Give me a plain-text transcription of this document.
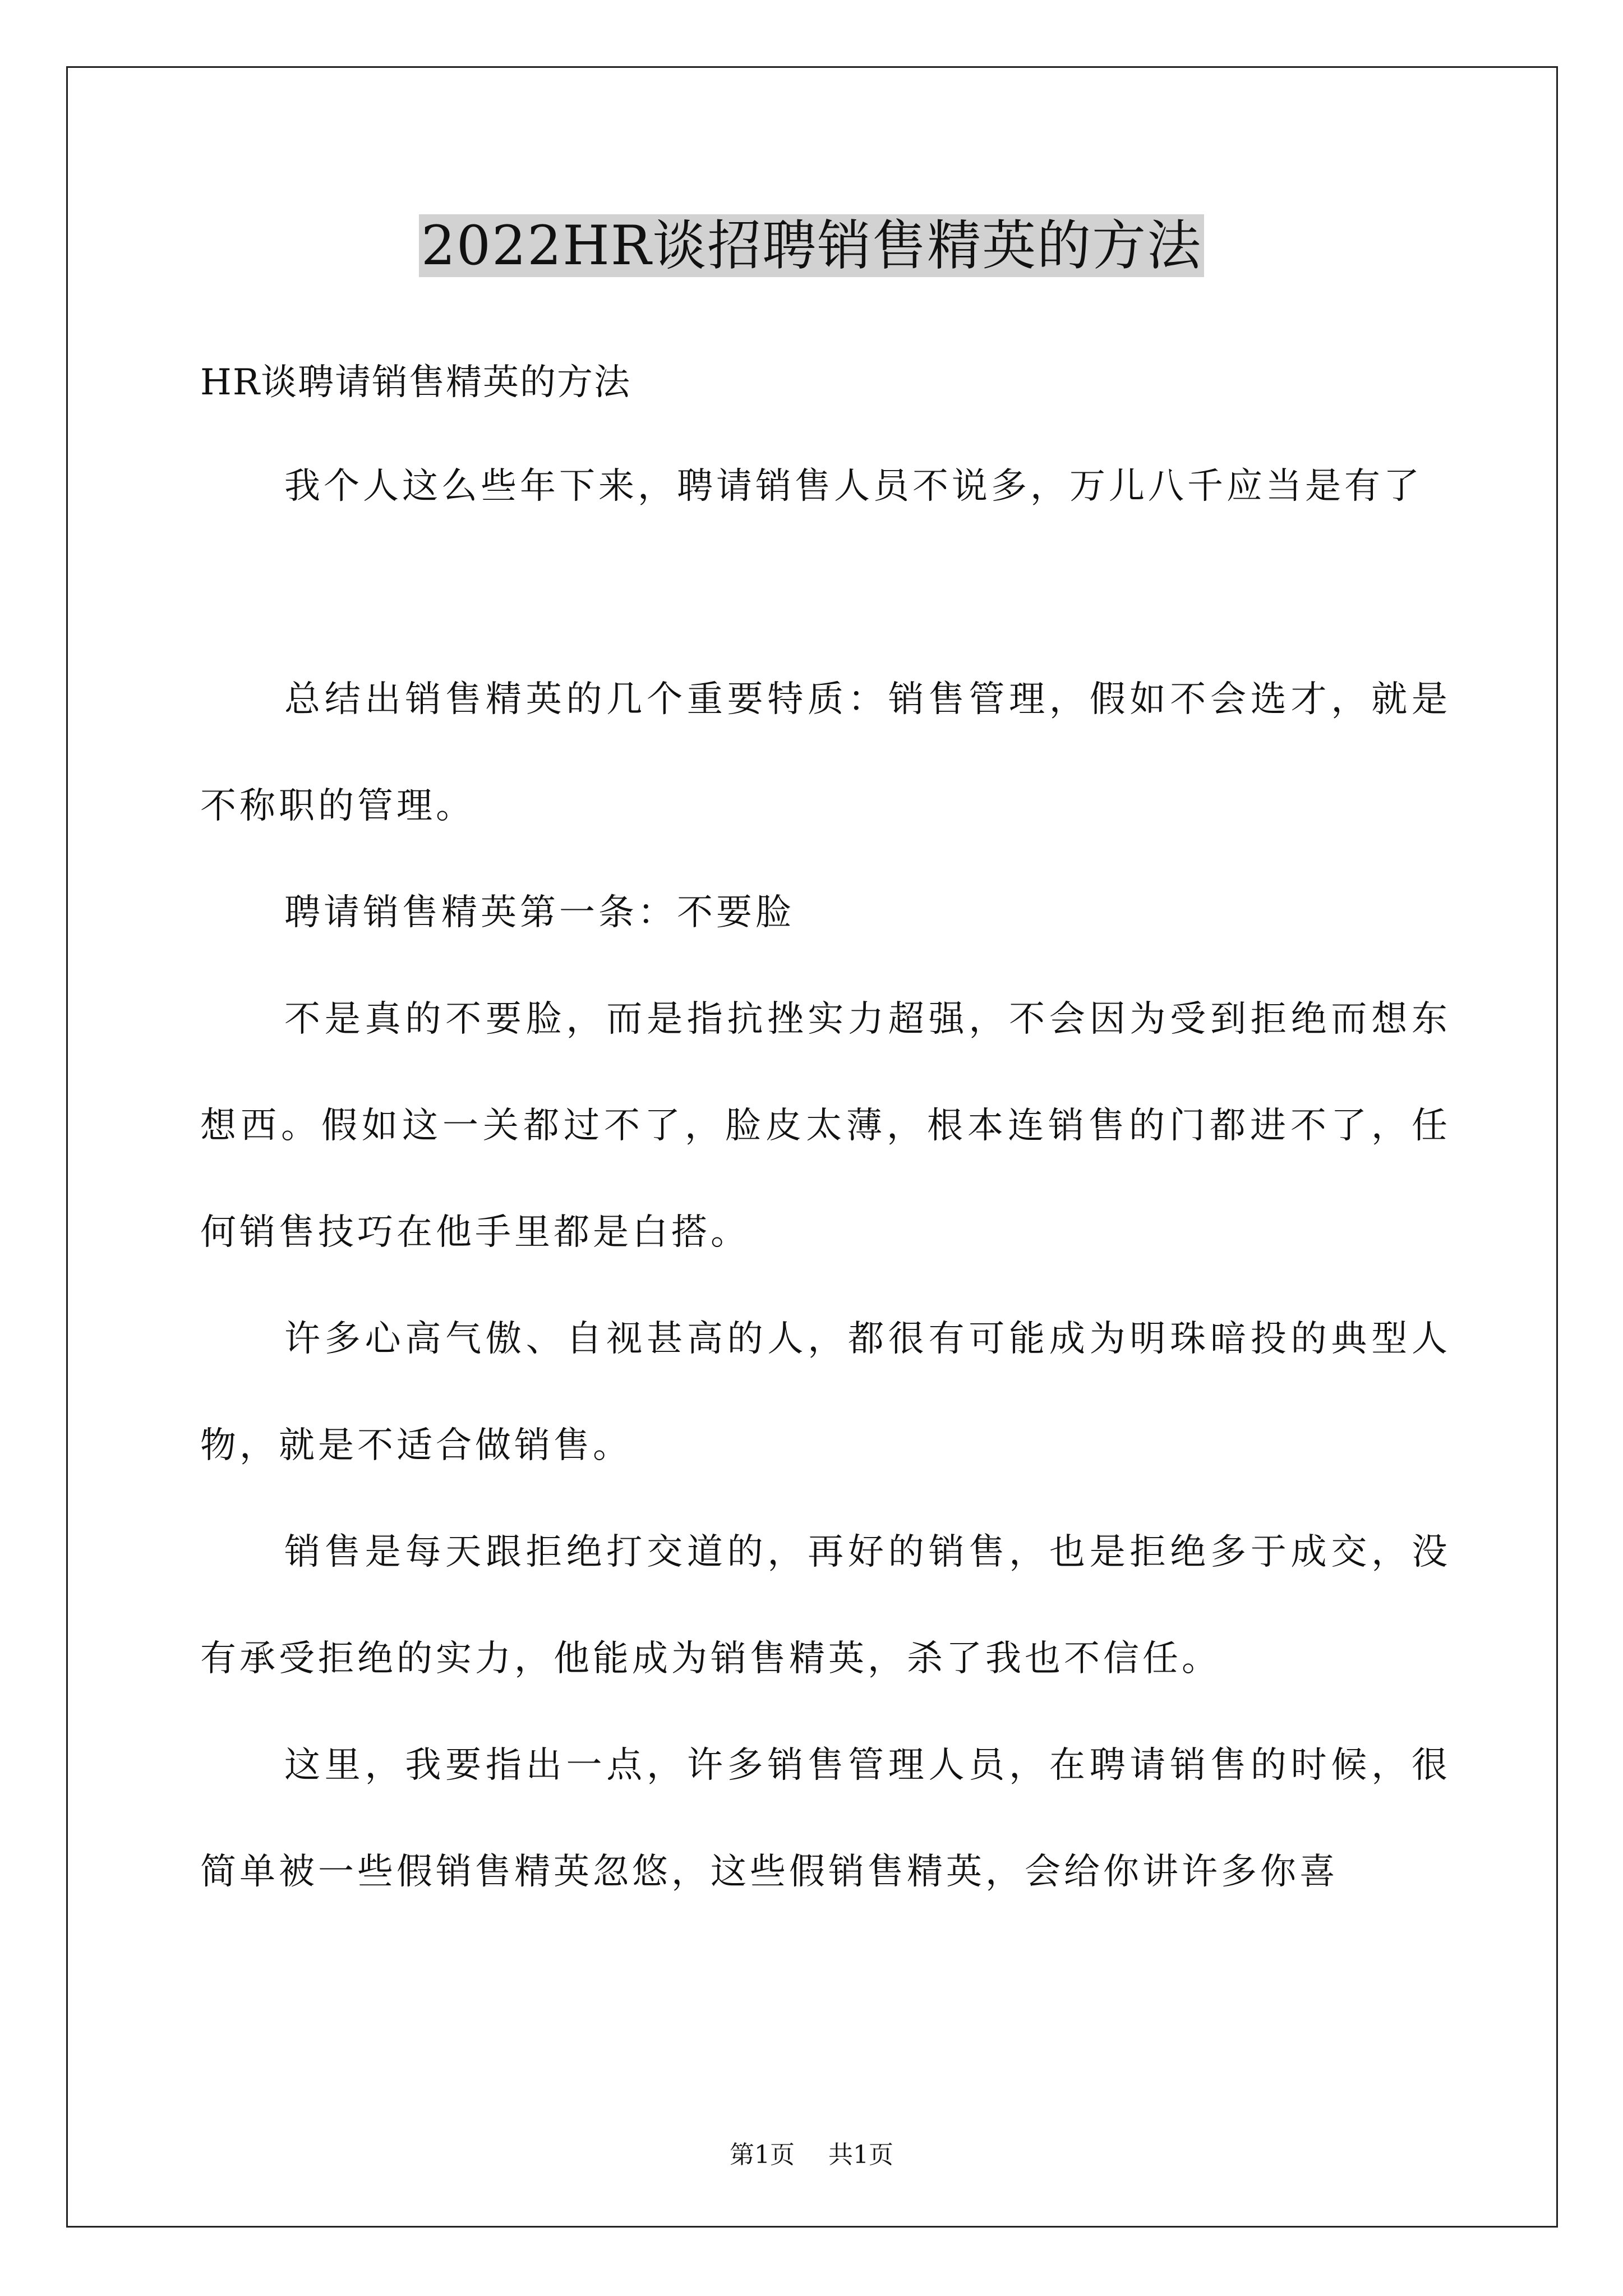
2022HR谈招聘销售精英的方法

HR谈聘请销售精英的方法

我个人这么些年下来，聘请销售人员不说多，万儿八千应当是有了

总结出销售精英的几个重要特质：销售管理，假如不会选才，就是不称职的管理。

聘请销售精英第一条：不要脸

不是真的不要脸，而是指抗挫实力超强，不会因为受到拒绝而想东想西。假如这一关都过不了，脸皮太薄，根本连销售的门都进不了，任何销售技巧在他手里都是白搭。

许多心高气傲、自视甚高的人，都很有可能成为明珠暗投的典型人物，就是不适合做销售。

销售是每天跟拒绝打交道的，再好的销售，也是拒绝多于成交，没有承受拒绝的实力，他能成为销售精英，杀了我也不信任。

这里，我要指出一点，许多销售管理人员，在聘请销售的时候，很简单被一些假销售精英忽悠，这些假销售精英，会给你讲许多你喜

第1页 共1页
